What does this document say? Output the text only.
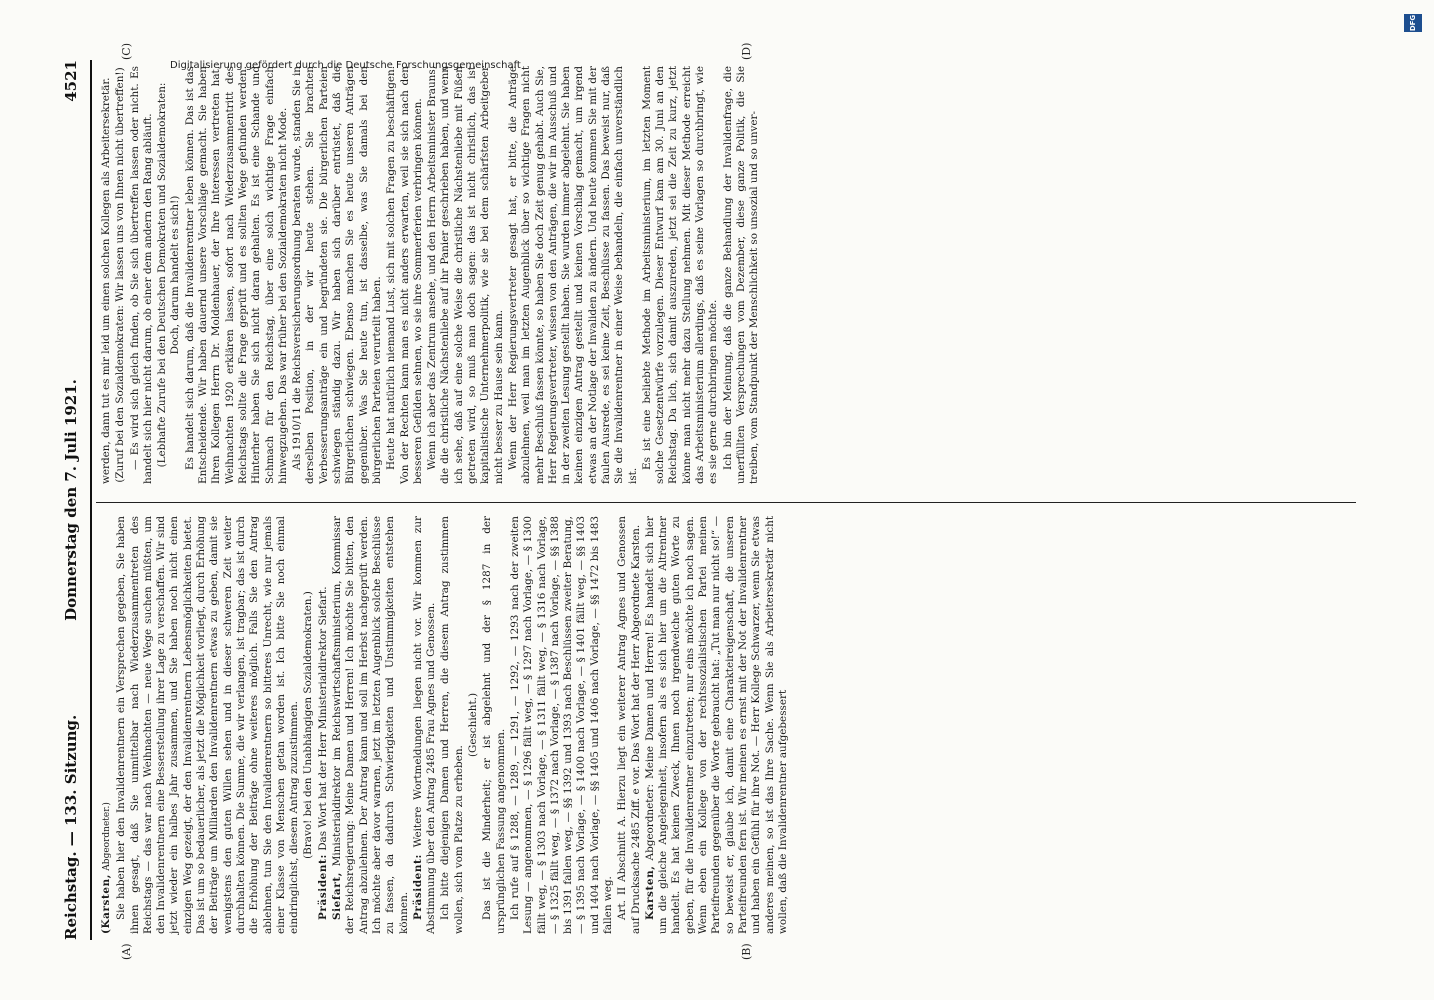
Reichstag. — 133. Sitzung.
Donnerstag den 7. Juli 1921.
4521
(A)	(B)
(C)	(D)

(Karsten, Abgeordneter.) Sie haben hier den Invalidenrentnern ein Versprechen gegeben, Sie haben ihnen gesagt, daß Sie unmittelbar nach Wiederzusammentreten des Reichstags — das war nach Weihnachten — neue Wege suchen müßten, um den Invalidenrentnern eine Besserstellung ihrer Lage zu verschaffen. Wir sind jetzt wieder ein halbes Jahr zusammen, und Sie haben noch nicht einen einzigen Weg gezeigt, der den Invalidenrentnern Lebensmöglichkeiten bietet. Das ist um so bedauerlicher, als jetzt die Möglichkeit vorliegt, durch Erhöhung der Beiträge um Milliarden den Invalidenrentnern etwas zu geben, damit sie wenigstens den guten Willen sehen und in dieser schweren Zeit weiter durchhalten können. Die Summe, die wir verlangen, ist tragbar; das ist durch die Erhöhung der Beiträge ohne weiteres möglich. Falls Sie den Antrag ablehnen, tun Sie den Invalidenrentnern so bitteres Unrecht, wie nur jemals einer Klasse von Menschen getan worden ist. Ich bitte Sie noch einmal eindringlichst, diesem Antrag zuzustimmen. (Bravo! bei den Unabhängigen Sozialdemokraten.)

Präsident: Das Wort hat der Herr Ministerialdirektor Siefart.

Siefart, Ministerialdirektor im Reichswirtschaftsministerium, Kommissar der Reichsregierung: Meine Damen und Herren! Ich möchte Sie bitten, den Antrag abzulehnen. Der Antrag kann und soll im Herbst nachgeprüft werden. Ich möchte aber davor warnen, jetzt im letzten Augenblick solche Beschlüsse zu fassen, da dadurch Schwierigkeiten und Unstimmigkeiten entstehen können. Präsident: Weitere Wortmeldungen liegen nicht vor. Wir kommen zur Abstimmung über den Antrag 2485 Frau Agnes und Genossen. Ich bitte diejenigen Damen und Herren, die diesem Antrag zustimmen wollen, sich vom Platze zu erheben.

(Geschieht.) Das ist die Minderheit; er ist abgelehnt und der § 1287 in der ursprünglichen Fassung angenommen. Ich rufe auf § 1288, — 1289, — 1291, — 1292, — 1293 nach der zweiten Lesung — angenommen, — § 1296 fällt weg, — § 1297 nach Vorlage, — § 1300 fällt weg, — § 1303 nach Vorlage, — § 1311 fällt weg, — § 1316 nach Vorlage, — § 1325 fällt weg, — § 1372 nach Vorlage, — § 1387 nach Vorlage, — §§ 1388 bis 1391 fallen weg, — §§ 1392 und 1393 nach Beschlüssen zweiter Beratung, — § 1395 nach Vorlage, — § 1400 nach Vorlage, — § 1401 fällt weg, — §§ 1403 und 1404 nach Vorlage, — §§ 1405 und 1406 nach Vorlage, — §§ 1472 bis 1483 fallen weg. Art. II Abschnitt A. Hierzu liegt ein weiterer Antrag Agnes und Genossen auf Drucksache 2485 Ziff. e vor. Das Wort hat der Herr Abgeordnete Karsten. Karsten, Abgeordneter: Meine Damen und Herren! Es handelt sich hier um die gleiche Angelegenheit, insofern als es sich hier um die Altrentner handelt. Es hat keinen Zweck, Ihnen noch irgendwelche guten Worte zu geben, für die Invalidenrentner einzutreten; nur eins möchte ich noch sagen. Wenn eben ein Kollege von der rechtssozialistischen Partei meinen Parteifreunden gegenüber die Worte gebraucht hat: „Tut man nur nicht so!“ — so beweist er, glaube ich, damit eine Charakteireigenschaft, die unseren Parteifreunden fern ist. Wir meinen es ernst mit der Not der Invalidenrentner und haben ein Gefühl für ihre Not. — Herr Kollege Schwarzer, wenn Sie etwas anderes meinen, so ist das Ihre Sache. Wenn Sie als Arbeitersekretär nicht wollen, daß die Invalidenrentner aufgebessert

werden, dann tut es mir leid um einen solchen Kollegen als Arbeitersekretär. (Zuruf bei den Sozialdemokraten: Wir lassen uns von Ihnen nicht übertreffen!) — Es wird sich gleich finden, ob Sie sich übertreffen lassen oder nicht. Es handelt sich hier nicht darum, ob einer dem andern den Rang abläuft. (Lebhafte Zurufe bei den Deutschen Demokraten und Sozialdemokraten: Doch, darum handelt es sich!) Es handelt sich darum, daß die Invalidenrentner leben können. Das ist das Entscheidende. Wir haben dauernd unsere Vorschläge gemacht. Sie haben Ihren Kollegen Herrn Dr. Moldenhauer, der Ihre Interessen vertreten hat, Weihnachten 1920 erklären lassen, sofort nach Wiederzusammentritt des Reichstags sollte die Frage geprüft und es sollten Wege gefunden werden. Hinterher haben Sie sich nicht daran gehalten. Es ist eine Schande und Schmach für den Reichstag, über eine solch wichtige Frage einfach hinwegzugehen. Das war früher bei den Sozialdemokraten nicht Mode. Als 1910/11 die Reichsversicherungsordnung beraten wurde, standen Sie in derselben Position, in der wir heute stehen. Sie brachten Verbesserungsanträge ein und begründeten sie. Die bürgerlichen Parteien schwiegen ständig dazu. Wir haben sich darüber entrüstet, daß die Bürgerlichen schwiegen. Ebenso machen Sie es heute unseren Anträgen gegenüber. Was Sie heute tun, ist dasselbe, was Sie damals bei den bürgerlichen Parteien verurteilt haben. Heute hat natürlich niemand Lust, sich mit solchen Fragen zu beschäftigen. Von der Rechten kann man es nicht anders erwarten, weil sie sich nach den besseren Gefilden sehnen, wo sie ihre Sommerferien verbringen können. Wenn ich aber das Zentrum ansehe, und den Herrn Arbeitsminister Brauns, die die christliche Nächstenliebe auf ihr Panier geschrieben haben, und wenn ich sehe, daß auf eine solche Weise die christliche Nächstenliebe mit Füßen getreten wird, so muß man doch sagen: das ist nicht christlich, das ist kapitalistische Unternehmerpolitik, wie sie bei dem schärfsten Arbeitgeber nicht besser zu Hause sein kann. Wenn der Herr Regierungsvertreter gesagt hat, er bitte, die Anträge abzulehnen, weil man im letzten Augenblick über so wichtige Fragen nicht mehr Beschluß fassen könnte, so haben Sie doch Zeit genug gehabt. Auch Sie, Herr Regierungsvertreter, wissen von den Anträgen, die wir im Ausschuß und in der zweiten Lesung gestellt haben. Sie wurden immer abgelehnt. Sie haben keinen einzigen Antrag gestellt und keinen Vorschlag gemacht, um irgend etwas an der Notlage der Invaliden zu ändern. Und heute kommen Sie mit der faulen Ausrede, es sei keine Zeit, Beschlüsse zu fassen. Das beweist nur, daß Sie die Invalidenrentner in einer Weise behandeln, die einfach unverständlich ist.

Es ist eine beliebte Methode im Arbeitsministerium, im letzten Moment solche Gesetzentwürfe vorzulegen. Dieser Entwurf kam am 30. Juni an den Reichstag. Da lich, sich damit auszureden, jetzt sei die Zeit zu kurz, jetzt könne man nicht mehr dazu Stellung nehmen. Mit dieser Methode erreicht das Arbeitsministerium allerdings, daß es seine Vorlagen so durchbringt, wie es sie gerne durchbringen möchte. Ich bin der Meinung, daß die ganze Behandlung der Invalidenfrage, die unerfüllten Versprechungen vom Dezember, diese ganze Politik, die Sie treiben, vom Standpunkt der Menschlichkeit so unsozial und so unver-

Digitalisierung gefördert durch die Deutsche Forschungsgemeinschaft
DFG
